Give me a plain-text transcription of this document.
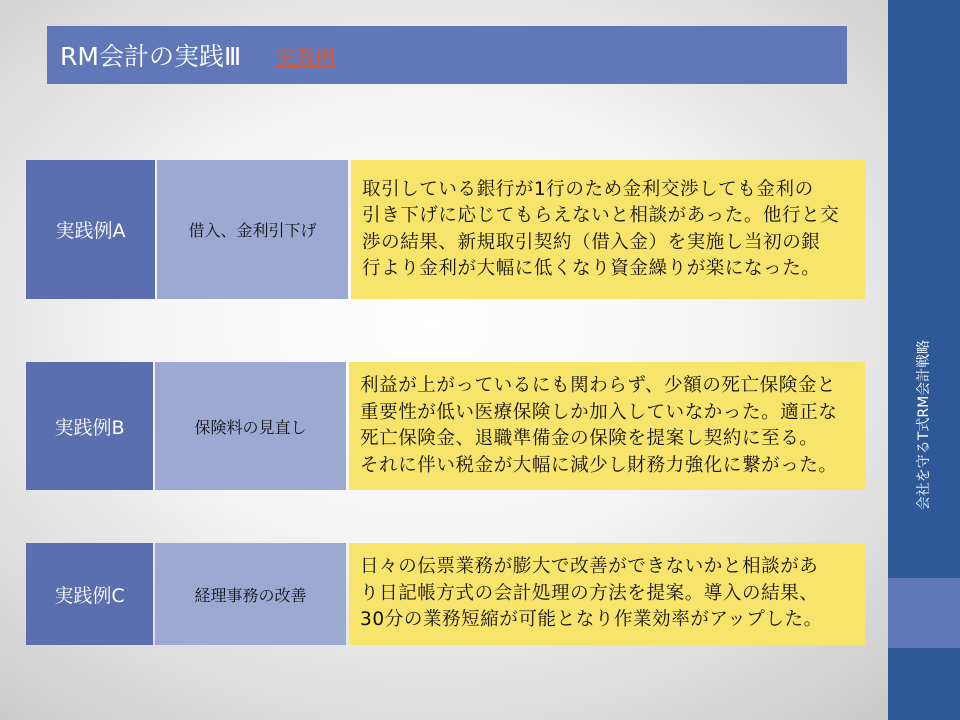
会社を守るT式RM会計戦略
RM会計の実践Ⅲ 実践例
実践例A	借入、金利引下げ
取引している銀行が1行のため金利交渉しても金利の
引き下げに応じてもらえないと相談があった。他行と交
渉の結果、新規取引契約（借入金）を実施し当初の銀
行より金利が大幅に低くなり資金繰りが楽になった。
実践例B	保険料の見直し
利益が上がっているにも関わらず、少額の死亡保険金と
重要性が低い医療保険しか加入していなかった。適正な
死亡保険金、退職準備金の保険を提案し契約に至る。
それに伴い税金が大幅に減少し財務力強化に繋がった。
実践例C	経理事務の改善
日々の伝票業務が膨大で改善ができないかと相談があ
り日記帳方式の会計処理の方法を提案。導入の結果、
30分の業務短縮が可能となり作業効率がアップした。
